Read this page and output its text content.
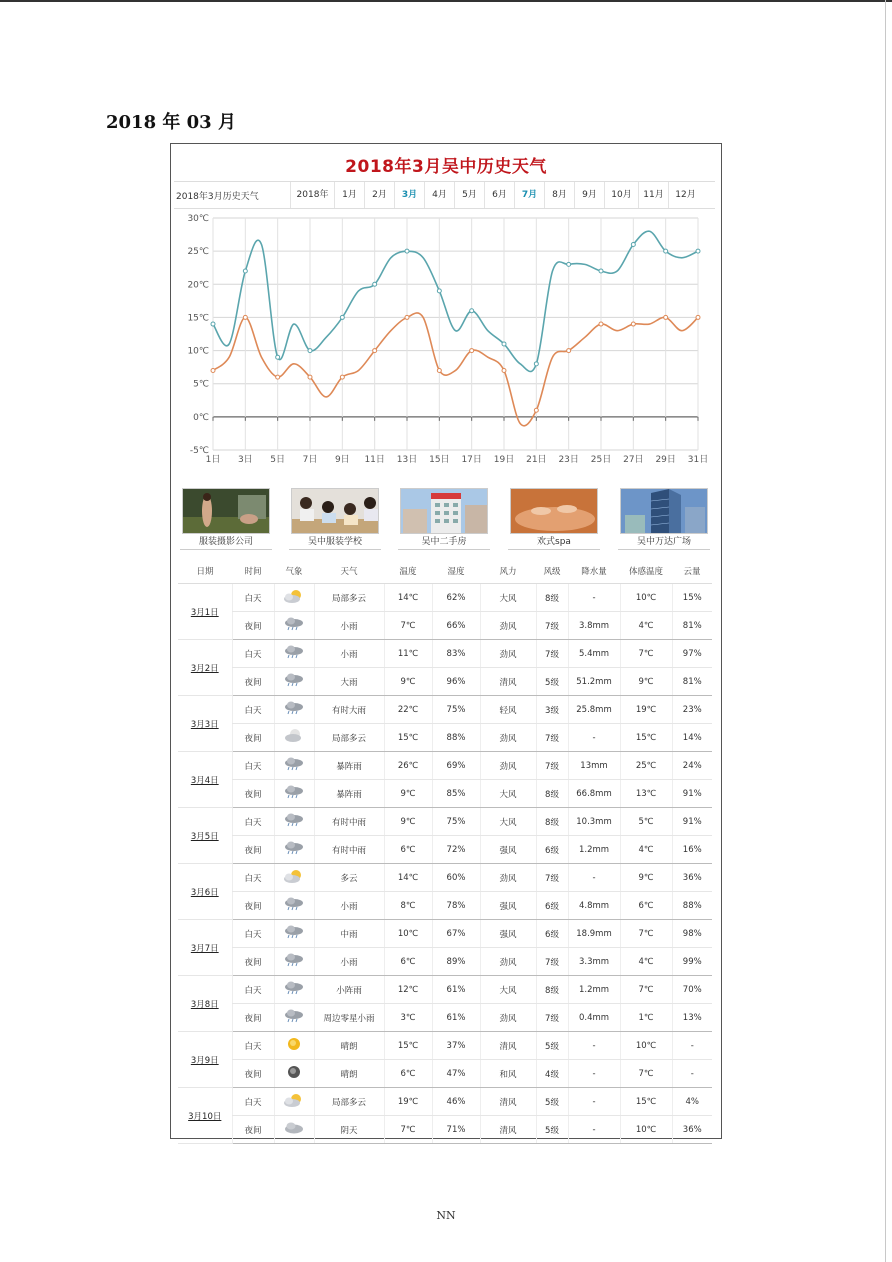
2018 年 03 月
2018年3月吴中历史天气
2018年3月历史天气	2018年	1月	2月	3月	4月	5月	6月	7月	8月	9月	10月	11月	12月
-5℃
0℃
5℃
10℃
15℃
20℃
25℃
30℃
1日 3日 5日 7日 9日 11日 13日 15日 17日 19日 21日 23日 25日 27日 29日 31日
服装摄影公司	吴中服装学校	吴中二手房	欢式spa	吴中万达广场
日期	时间	气象	天气	温度	湿度	风力	风级	降水量	体感温度	云量
3月1日	白天		局部多云	14℃	62%	大风	8级	-	10℃	15%
	夜间		小雨	7℃	66%	劲风	7级	3.8mm	4℃	81%
3月2日	白天		小雨	11℃	83%	劲风	7级	5.4mm	7℃	97%
	夜间		大雨	9℃	96%	清风	5级	51.2mm	9℃	81%
3月3日	白天		有时大雨	22℃	75%	轻风	3级	25.8mm	19℃	23%
	夜间		局部多云	15℃	88%	劲风	7级	-	15℃	14%
3月4日	白天		暴阵雨	26℃	69%	劲风	7级	13mm	25℃	24%
	夜间		暴阵雨	9℃	85%	大风	8级	66.8mm	13℃	91%
3月5日	白天		有时中雨	9℃	75%	大风	8级	10.3mm	5℃	91%
	夜间		有时中雨	6℃	72%	强风	6级	1.2mm	4℃	16%
3月6日	白天		多云	14℃	60%	劲风	7级	-	9℃	36%
	夜间		小雨	8℃	78%	强风	6级	4.8mm	6℃	88%
3月7日	白天		中雨	10℃	67%	强风	6级	18.9mm	7℃	98%
	夜间		小雨	6℃	89%	劲风	7级	3.3mm	4℃	99%
3月8日	白天		小阵雨	12℃	61%	大风	8级	1.2mm	7℃	70%
	夜间		周边零星小雨	3℃	61%	劲风	7级	0.4mm	1℃	13%
3月9日	白天		晴朗	15℃	37%	清风	5级	-	10℃	-
	夜间		晴朗	6℃	47%	和风	4级	-	7℃	-
3月10日	白天		局部多云	19℃	46%	清风	5级	-	15℃	4%
	夜间		阴天	7℃	71%	清风	5级	-	10℃	36%
NN
